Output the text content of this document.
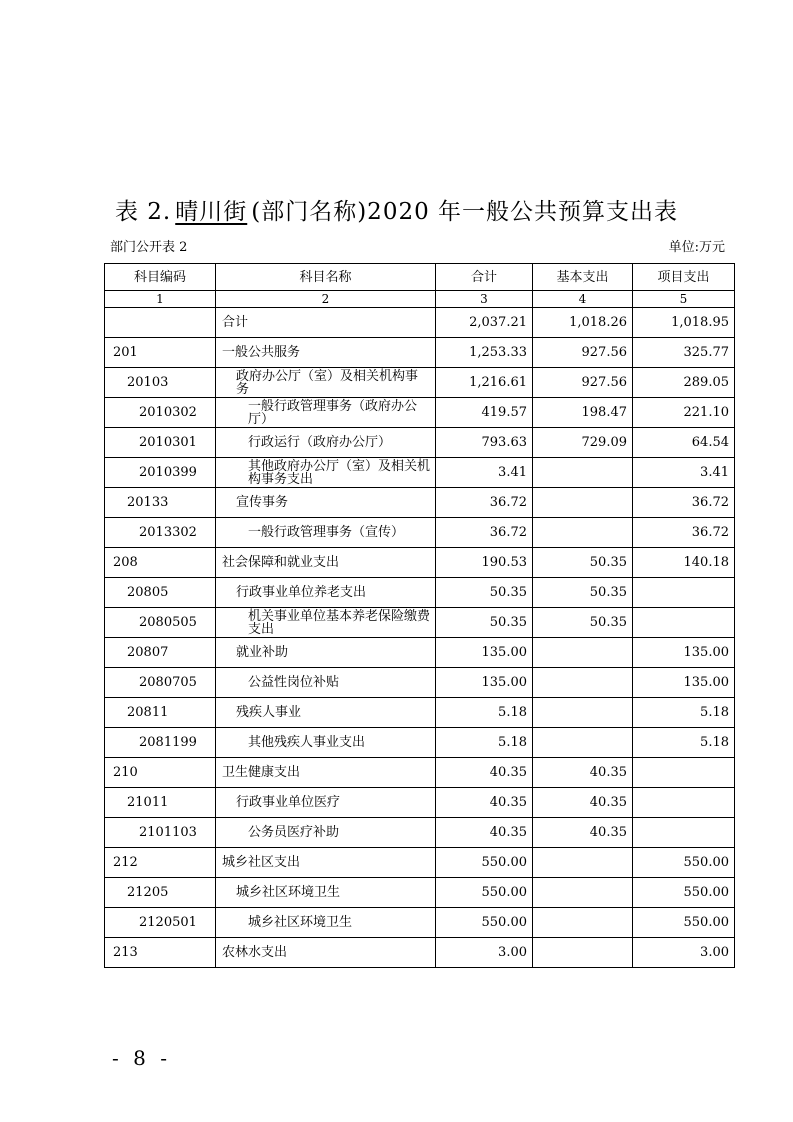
表 2. 晴川街 (部门名称)2020 年一般公共预算支出表
部门公开表 2	单位:万元
科目编码	科目名称	合计	基本支出	项目支出
1	2	3	4	5
	合计	2,037.21	1,018.26	1,018.95
201	一般公共服务	1,253.33	927.56	325.77
20103	政府办公厅（室）及相关机构事务	1,216.61	927.56	289.05
2010302	一般行政管理事务（政府办公厅）	419.57	198.47	221.10
2010301	行政运行（政府办公厅）	793.63	729.09	64.54
2010399	其他政府办公厅（室）及相关机构事务支出	3.41		3.41
20133	宣传事务	36.72		36.72
2013302	一般行政管理事务（宣传）	36.72		36.72
208	社会保障和就业支出	190.53	50.35	140.18
20805	行政事业单位养老支出	50.35	50.35	
2080505	机关事业单位基本养老保险缴费支出	50.35	50.35	
20807	就业补助	135.00		135.00
2080705	公益性岗位补贴	135.00		135.00
20811	残疾人事业	5.18		5.18
2081199	其他残疾人事业支出	5.18		5.18
210	卫生健康支出	40.35	40.35	
21011	行政事业单位医疗	40.35	40.35	
2101103	公务员医疗补助	40.35	40.35	
212	城乡社区支出	550.00		550.00
21205	城乡社区环境卫生	550.00		550.00
2120501	城乡社区环境卫生	550.00		550.00
213	农林水支出	3.00		3.00
- 8 -
